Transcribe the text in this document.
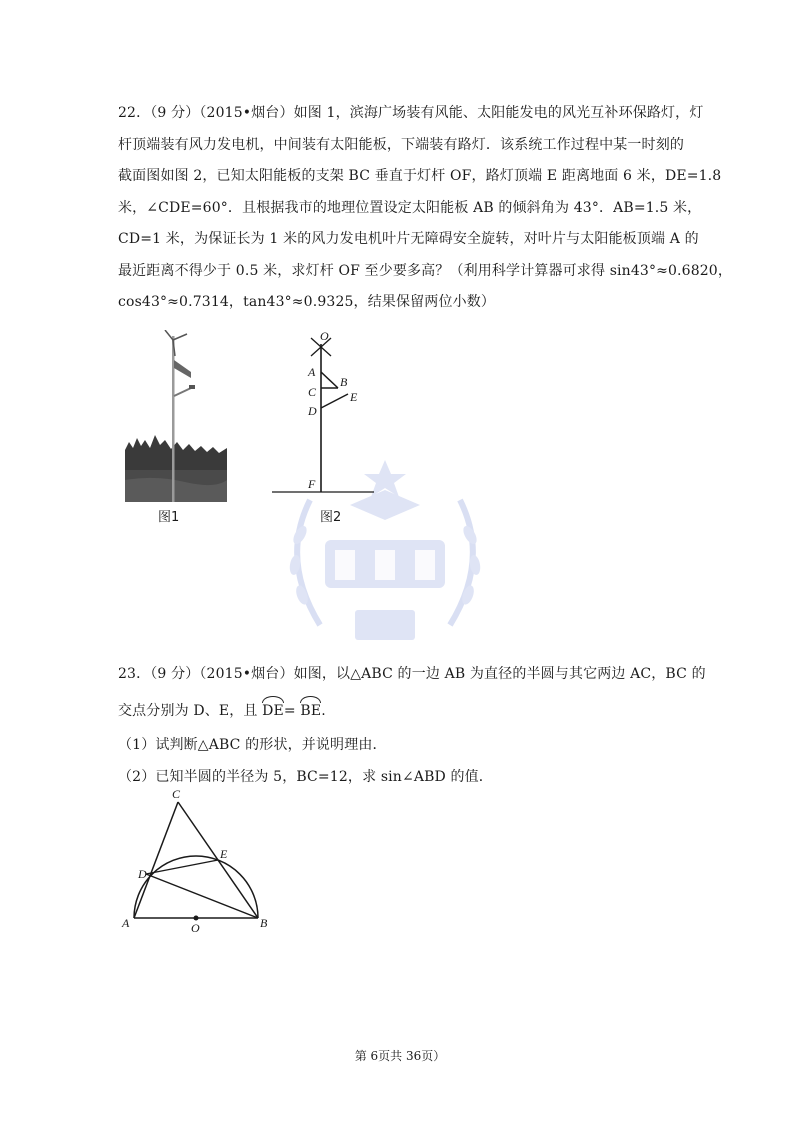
22．（9 分）（2015•烟台）如图 1，滨海广场装有风能、太阳能发电的风光互补环保路灯，灯
杆顶端装有风力发电机，中间装有太阳能板，下端装有路灯．该系统工作过程中某一时刻的
截面图如图 2，已知太阳能板的支架 BC 垂直于灯杆 OF，路灯顶端 E 距离地面 6 米，DE=1.8
米，∠CDE=60°．且根据我市的地理位置设定太阳能板 AB 的倾斜角为 43°．AB=1.5 米，
CD=1 米，为保证长为 1 米的风力发电机叶片无障碍安全旋转，对叶片与太阳能板顶端 A 的
最近距离不得少于 0.5 米，求灯杆 OF 至少要多高？（利用科学计算器可求得 sin43°≈0.6820，
cos43°≈0.7314，tan43°≈0.9325，结果保留两位小数）
图1
O
A
B
C
D
E
F
图2
23．（9 分）（2015•烟台）如图，以△ABC 的一边 AB 为直径的半圆与其它两边 AC，BC 的
交点分别为 D、E，且 DE= BE.
（1）试判断△ABC 的形状，并说明理由．
（2）已知半圆的半径为 5，BC=12，求 sin∠ABD 的值．
C
D
E
A	O	B
第 6页共 36页）
